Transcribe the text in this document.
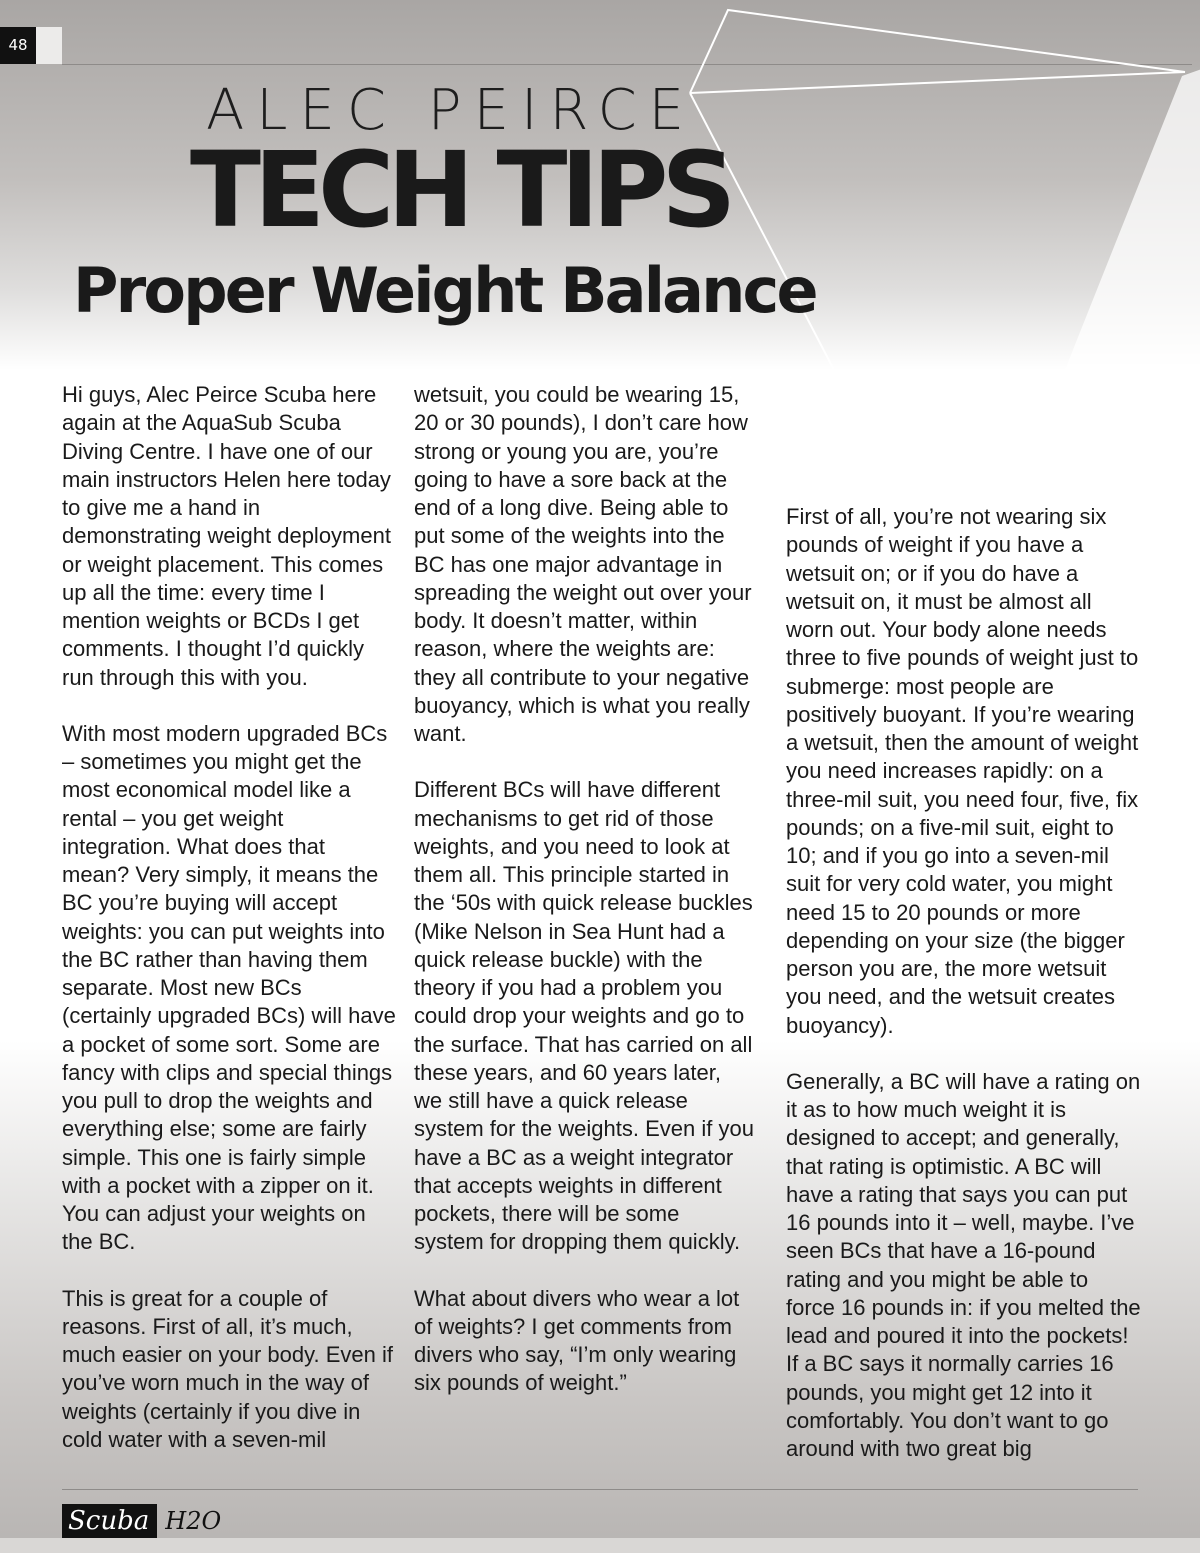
48
ALEC PEIRCE
TECH TIPS
Proper Weight Balance

Hi guys, Alec Peirce Scuba here again at the AquaSub Scuba Diving Centre. I have one of our main instructors Helen here today to give me a hand in demonstrating weight deployment or weight placement. This comes up all the time: every time I mention weights or BCDs I get comments. I thought I’d quickly run through this with you.

With most modern upgraded BCs – sometimes you might get the most economical model like a rental – you get weight integration. What does that mean? Very simply, it means the BC you’re buying will accept weights: you can put weights into the BC rather than having them separate. Most new BCs (certainly upgraded BCs) will have a pocket of some sort. Some are fancy with clips and special things you pull to drop the weights and everything else; some are fairly simple. This one is fairly simple with a pocket with a zipper on it. You can adjust your weights on the BC.

This is great for a couple of reasons. First of all, it’s much, much easier on your body. Even if you’ve worn much in the way of weights (certainly if you dive in cold water with a seven-mil

wetsuit, you could be wearing 15, 20 or 30 pounds), I don’t care how strong or young you are, you’re going to have a sore back at the end of a long dive. Being able to put some of the weights into the BC has one major advantage in spreading the weight out over your body. It doesn’t matter, within reason, where the weights are: they all contribute to your negative buoyancy, which is what you really want.

Different BCs will have different mechanisms to get rid of those weights, and you need to look at them all. This principle started in the ‘50s with quick release buckles (Mike Nelson in Sea Hunt had a quick release buckle) with the theory if you had a problem you could drop your weights and go to the surface. That has carried on all these years, and 60 years later, we still have a quick release system for the weights. Even if you have a BC as a weight integrator that accepts weights in different pockets, there will be some system for dropping them quickly.

What about divers who wear a lot of weights? I get comments from divers who say, “I’m only wearing six pounds of weight.”

First of all, you’re not wearing six pounds of weight if you have a wetsuit on; or if you do have a wetsuit on, it must be almost all worn out. Your body alone needs three to five pounds of weight just to submerge: most people are positively buoyant. If you’re wearing a wetsuit, then the amount of weight you need increases rapidly: on a three-mil suit, you need four, five, fix pounds; on a five-mil suit, eight to 10; and if you go into a seven-mil suit for very cold water, you might need 15 to 20 pounds or more depending on your size (the bigger person you are, the more wetsuit you need, and the wetsuit creates buoyancy).

Generally, a BC will have a rating on it as to how much weight it is designed to accept; and generally, that rating is optimistic. A BC will have a rating that says you can put 16 pounds into it – well, maybe. I’ve seen BCs that have a 16-pound rating and you might be able to force 16 pounds in: if you melted the lead and poured it into the pockets! If a BC says it normally carries 16 pounds, you might get 12 into it comfortably. You don’t want to go around with two great big

Scuba H2O
